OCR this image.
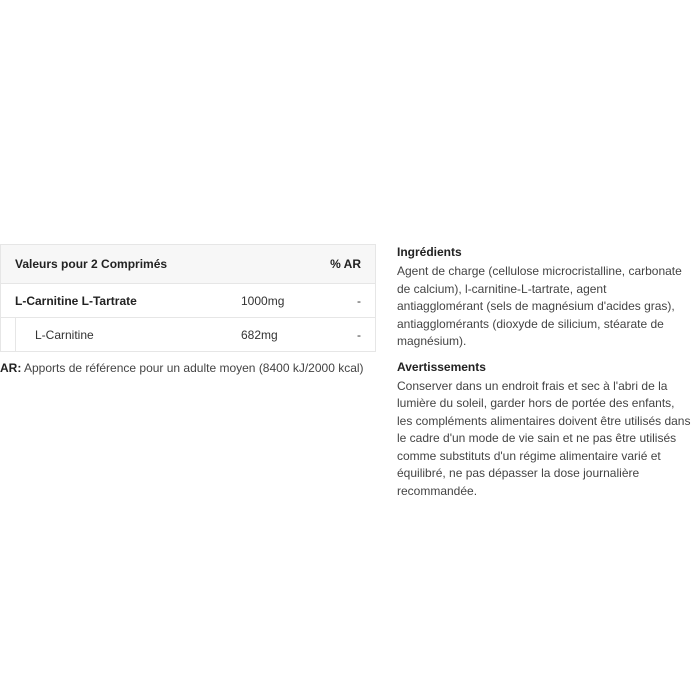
Valeurs pour 2 Comprimés	% AR
L-Carnitine L-Tartrate	1000mg	-
L-Carnitine	682mg	-
AR: Apports de référence pour un adulte moyen (8400 kJ/2000 kcal)
Ingrédients

Agent de charge (cellulose microcristalline, carbonate de calcium), l-carnitine-L-tartrate, agent antiagglomérant (sels de magnésium d'acides gras), antiagglomérants (dioxyde de silicium, stéarate de magnésium).

Avertissements

Conserver dans un endroit frais et sec à l'abri de la lumière du soleil, garder hors de portée des enfants, les compléments alimentaires doivent être utilisés dans le cadre d'un mode de vie sain et ne pas être utilisés comme substituts d'un régime alimentaire varié et équilibré, ne pas dépasser la dose journalière recommandée.
